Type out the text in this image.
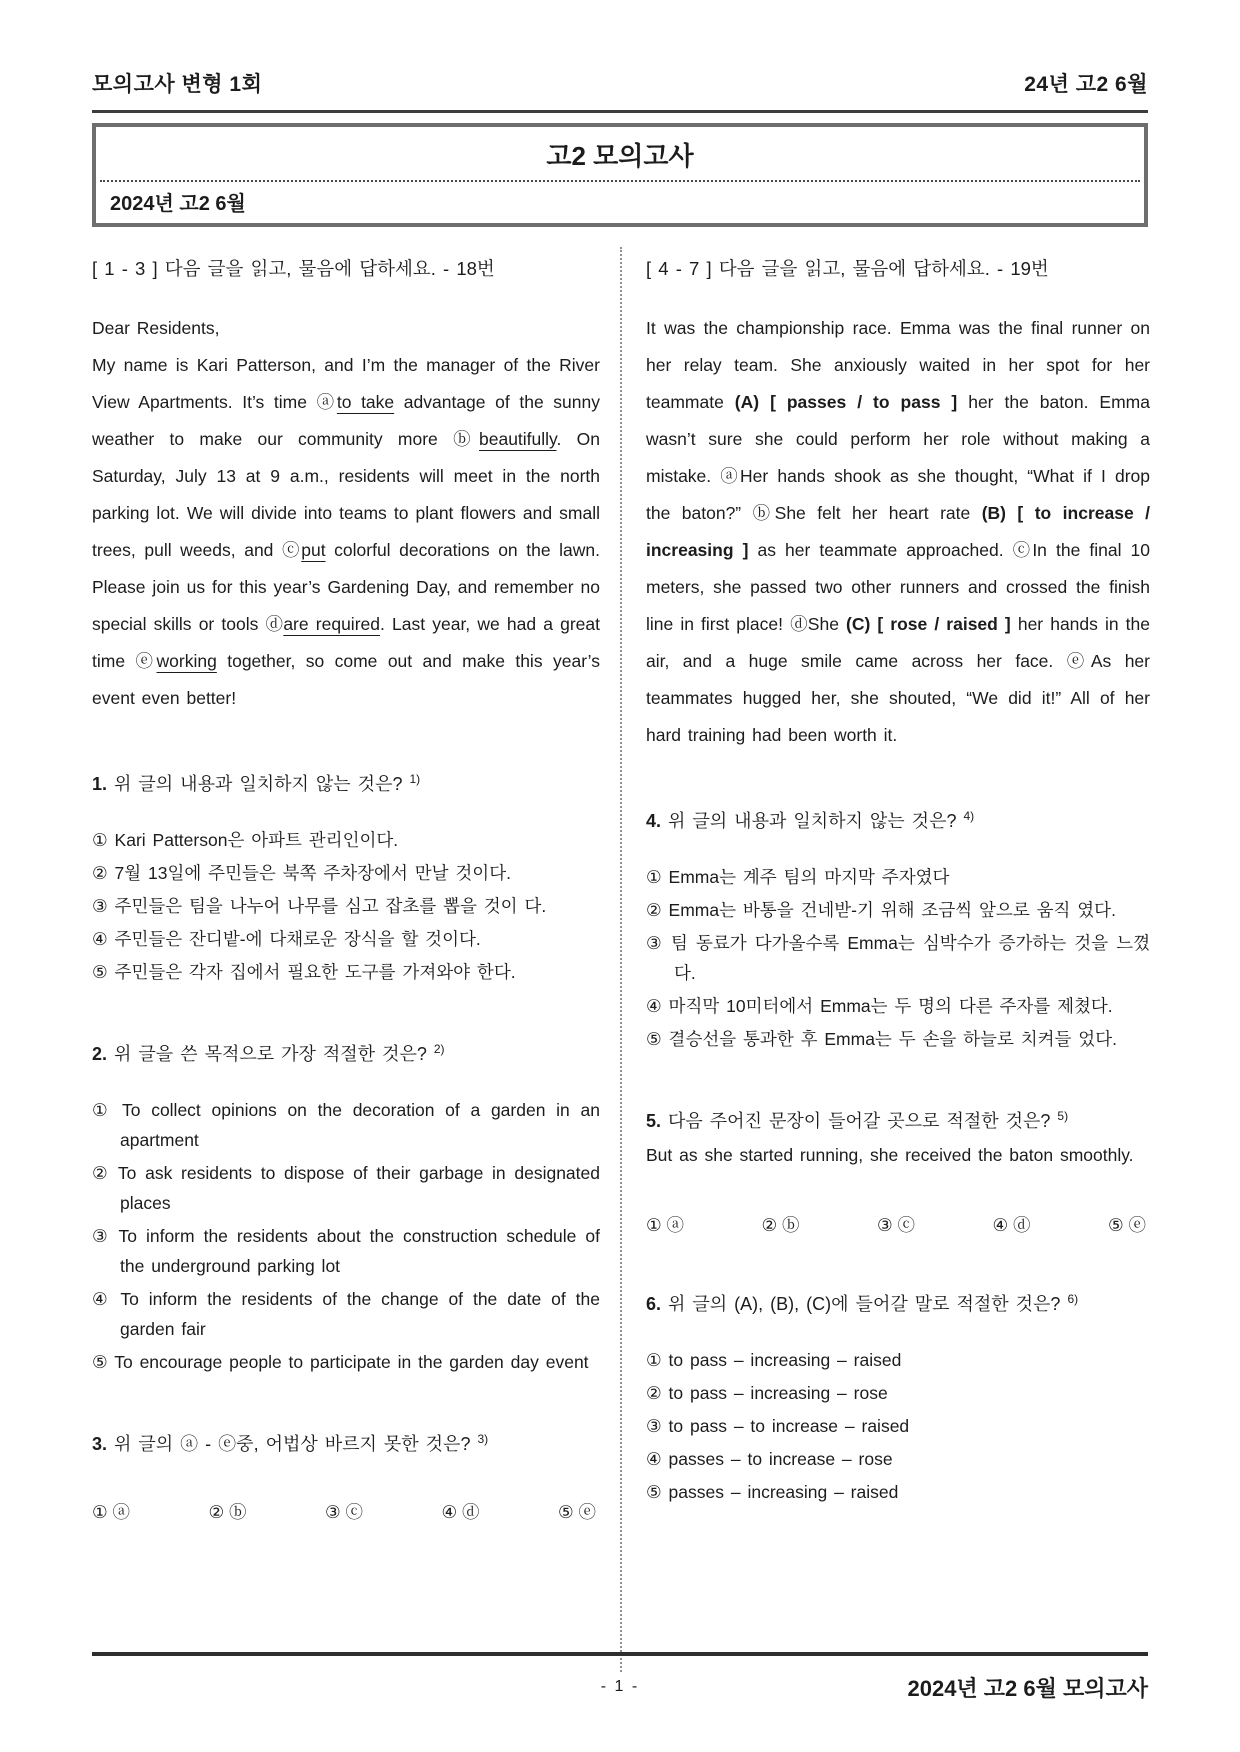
모의고사 변형 1회	24년 고2 6월
고2 모의고사
2024년 고2 6월
[ 1 - 3 ] 다음 글을 읽고, 물음에 답하세요. - 18번
Dear Residents,
My name is Kari Patterson, and I’m the manager of the River View Apartments. It’s time ⓐto take advantage of the sunny weather to make our community more ⓑbeautifully. On Saturday, July 13 at 9 a.m., residents will meet in the north parking lot. We will divide into teams to plant flowers and small trees, pull weeds, and ⓒput colorful decorations on the lawn. Please join us for this year’s Gardening Day, and remember no special skills or tools ⓓare required. Last year, we had a great time ⓔworking together, so come out and make this year’s event even better!
1. 위 글의 내용과 일치하지 않는 것은? $^{1)}$
① Kari Patterson은 아파트 관리인이다.
② 7월 13일에 주민들은 북쪽 주차장에서 만날 것이다.
③ 주민들은 팀을 나누어 나무를 심고 잡초를 뽑을 것이 다.
④ 주민들은 잔디밭-에 다채로운 장식을 할 것이다.
⑤ 주민들은 각자 집에서 필요한 도구를 가져와야 한다.
2. 위 글을 쓴 목적으로 가장 적절한 것은? $^{2)}$
① To collect opinions on the decoration of a garden in an apartment
② To ask residents to dispose of their garbage in designated places
③ To inform the residents about the construction schedule of the underground parking lot
④ To inform the residents of the change of the date of the garden fair
⑤ To encourage people to participate in the garden day event
3. 위 글의 ⓐ - ⓔ중, 어법상 바르지 못한 것은? $^{3)}$
① ⓐ	② ⓑ	③ ⓒ	④ ⓓ	⑤ ⓔ
[ 4 - 7 ] 다음 글을 읽고, 물음에 답하세요. - 19번
It was the championship race. Emma was the final runner on her relay team. She anxiously waited in her spot for her teammate (A) [ passes / to pass ] her the baton. Emma wasn’t sure she could perform her role without making a mistake. ⓐHer hands shook as she thought, “What if I drop the baton?” ⓑShe felt her heart rate (B) [ to increase / increasing ] as her teammate approached. ⓒIn the final 10 meters, she passed two other runners and crossed the finish line in first place! ⓓShe (C) [ rose / raised ] her hands in the air, and a huge smile came across her face. ⓔAs her teammates hugged her, she shouted, “We did it!” All of her hard training had been worth it.
4. 위 글의 내용과 일치하지 않는 것은? $^{4)}$
① Emma는 계주 팀의 마지막 주자였다
② Emma는 바통을 건네받-기 위해 조금씩 앞으로 움직 였다.
③ 팀 동료가 다가올수록 Emma는 심박수가 증가하는 것을 느꼈다.
④ 마직막 10미터에서 Emma는 두 명의 다른 주자를 제쳤다.
⑤ 결승선을 통과한 후 Emma는 두 손을 하늘로 치켜들 었다.
5. 다음 주어진 문장이 들어갈 곳으로 적절한 것은? $^{5)}$
But as she started running, she received the baton smoothly.
① ⓐ	② ⓑ	③ ⓒ	④ ⓓ	⑤ ⓔ
6. 위 글의 (A), (B), (C)에 들어갈 말로 적절한 것은? $^{6)}$
① to pass – increasing – raised
② to pass – increasing – rose
③ to pass – to increase – raised
④ passes – to increase – rose
⑤ passes – increasing – raised
- 1 -	2024년 고2 6월 모의고사
